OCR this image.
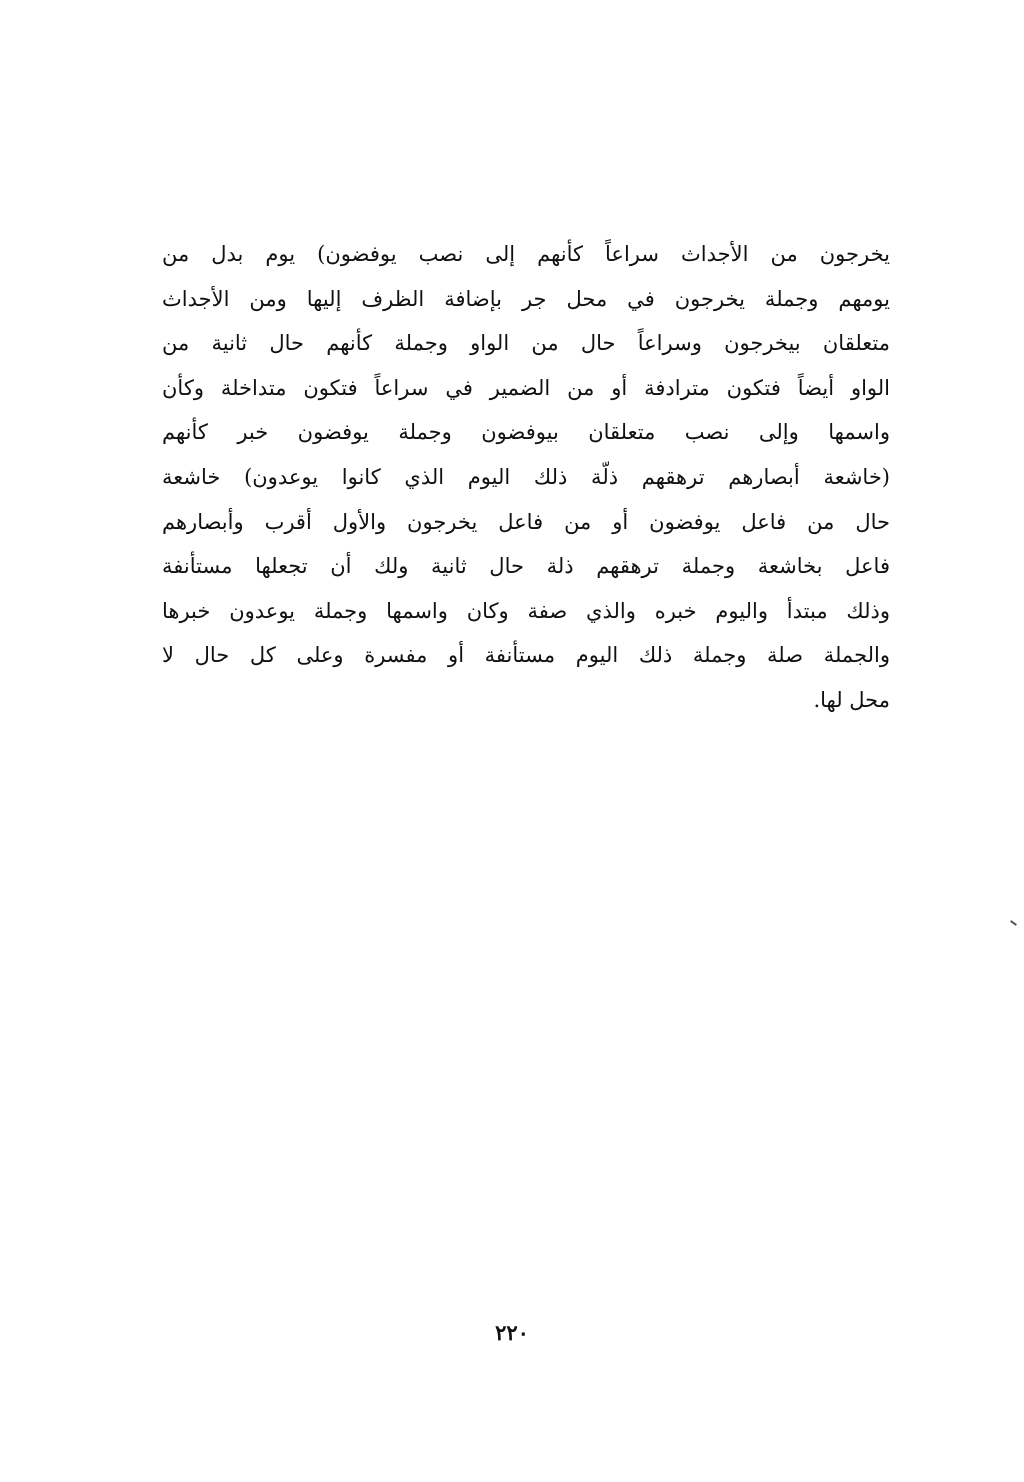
يخرجون من الأجداث سراعاً كأنهم إلى نصب يوفضون) يوم بدل من
يومهم وجملة يخرجون في محل جر بإضافة الظرف إليها ومن الأجداث
متعلقان بيخرجون وسراعاً حال من الواو وجملة كأنهم حال ثانية من
الواو أيضاً فتكون مترادفة أو من الضمير في سراعاً فتكون متداخلة وكأن
واسمها وإلى نصب متعلقان بيوفضون وجملة يوفضون خبر كأنهم
(خاشعة أبصارهم ترهقهم ذلّة ذلك اليوم الذي كانوا يوعدون) خاشعة
حال من فاعل يوفضون أو من فاعل يخرجون والأول أقرب وأبصارهم
فاعل بخاشعة وجملة ترهقهم ذلة حال ثانية ولك أن تجعلها مستأنفة
وذلك مبتدأ واليوم خبره والذي صفة وكان واسمها وجملة يوعدون خبرها
والجملة صلة وجملة ذلك اليوم مستأنفة أو مفسرة وعلى كل حال لا
محل لها.
٢٢٠
